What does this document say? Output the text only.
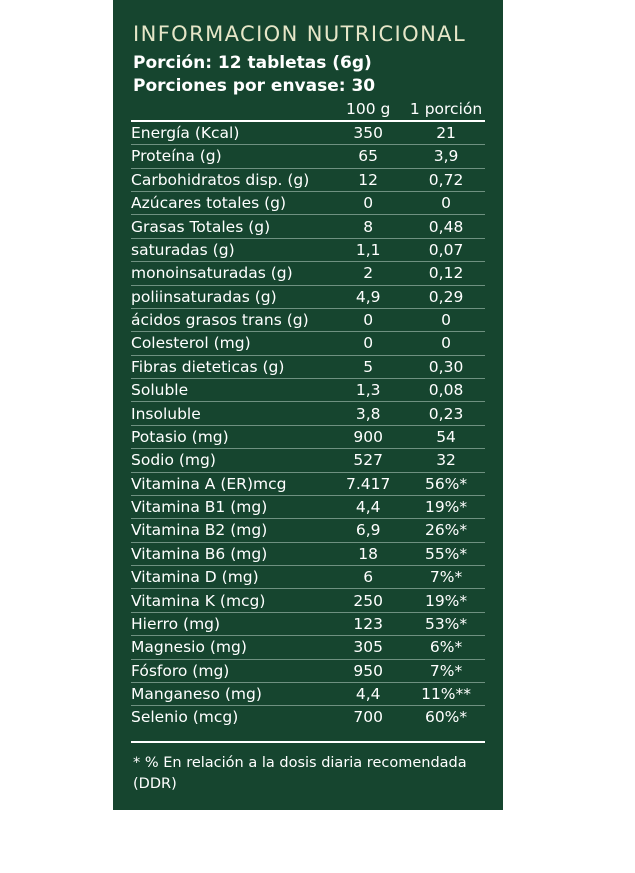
INFORMACION NUTRICIONAL
Porción: 12 tabletas (6g)
Porciones por envase: 30
	100 g	1 porción
Energía (Kcal)	350	21
Proteína (g)	65	3,9
Carbohidratos disp. (g)	12	0,72
Azúcares totales (g)	0	0
Grasas Totales (g)	8	0,48
saturadas (g)	1,1	0,07
monoinsaturadas (g)	2	0,12
poliinsaturadas (g)	4,9	0,29
ácidos grasos trans (g)	0	0
Colesterol (mg)	0	0
Fibras dieteticas (g)	5	0,30
Soluble	1,3	0,08
Insoluble	3,8	0,23
Potasio (mg)	900	54
Sodio (mg)	527	32
Vitamina A (ER)mcg	7.417	56%*
Vitamina B1 (mg)	4,4	19%*
Vitamina B2 (mg)	6,9	26%*
Vitamina B6 (mg)	18	55%*
Vitamina D (mg)	6	7%*
Vitamina K (mcg)	250	19%*
Hierro (mg)	123	53%*
Magnesio (mg)	305	6%*
Fósforo (mg)	950	7%*
Manganeso (mg)	4,4	11%**
Selenio (mcg)	700	60%*

* % En relación a la dosis diaria recomendada (DDR)

** En estos casos no se cuenta con una DDR, pero se ha considerado como referencia el valor de ingesta adecuada (IA)
